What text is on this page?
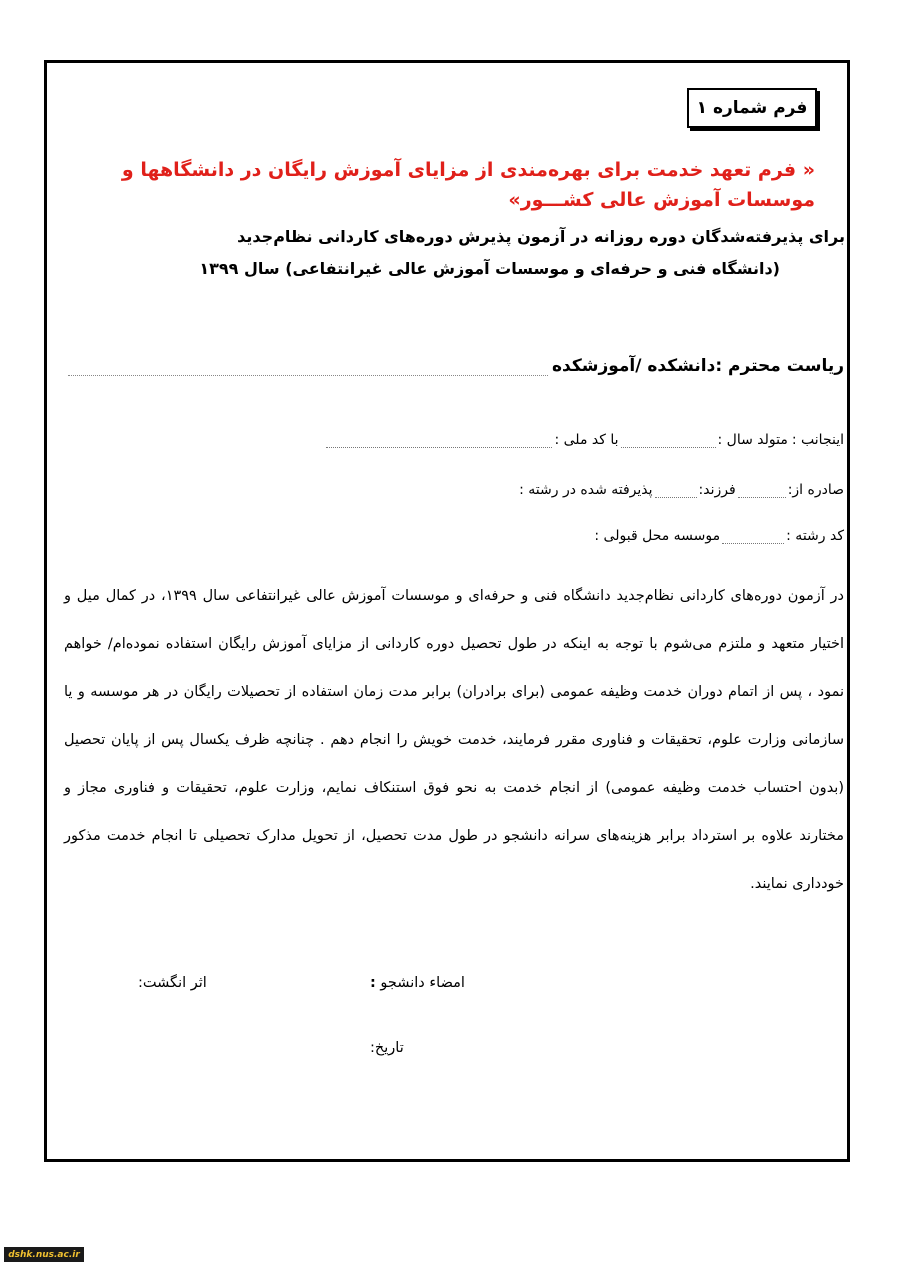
فرم شماره ۱
« فرم تعهد خدمت برای بهره‌مندی از مزایای آموزش رایگان در دانشگاهها و موسسات آموزش عالی کشـــور»
برای پذیرفته‌شدگان دوره روزانه در آزمون پذیرش دوره‌های کاردانی نظام‌جدید
(دانشگاه فنی و حرفه‌ای و موسسات آموزش عالی غیرانتفاعی) سال ۱۳۹۹
ریاست محترم :دانشکده /آموزشکده
اینجانب :
متولد سال :
با کد ملی :
صادره از:
فرزند:
پذیرفته شده در رشته :
کد رشته :
موسسه محل قبولی :
در آزمون دوره‌های کاردانی نظام‌جدید دانشگاه فنی و حرفه‌ای و موسسات آموزش عالی غیرانتفاعی سال ۱۳۹۹، در کمال میل و اختیار متعهد و ملتزم می‌شوم با توجه به اینکه در طول تحصیل دوره کاردانی از مزایای آموزش رایگان استفاده نموده‌ام/ خواهم نمود ، پس از اتمام دوران خدمت وظیفه عمومی (برای برادران) برابر مدت زمان استفاده از تحصیلات رایگان در هر موسسه و یا سازمانی وزارت علوم، تحقیقات و فناوری مقرر فرمایند، خدمت خویش را انجام دهم . چنانچه ظرف یکسال پس از پایان تحصیل (بدون احتساب خدمت وظیفه عمومی) از انجام خدمت به نحو فوق استنکاف نمایم، وزارت علوم، تحقیقات و فناوری مجاز و مختارند علاوه بر استرداد برابر هزینه‌های سرانه دانشجو در طول مدت تحصیل، از تحویل مدارک تحصیلی تا انجام خدمت مذکور خودداری نمایند.
امضاء دانشجو :
اثر انگشت:
تاریخ:
dshk.nus.ac.ir
